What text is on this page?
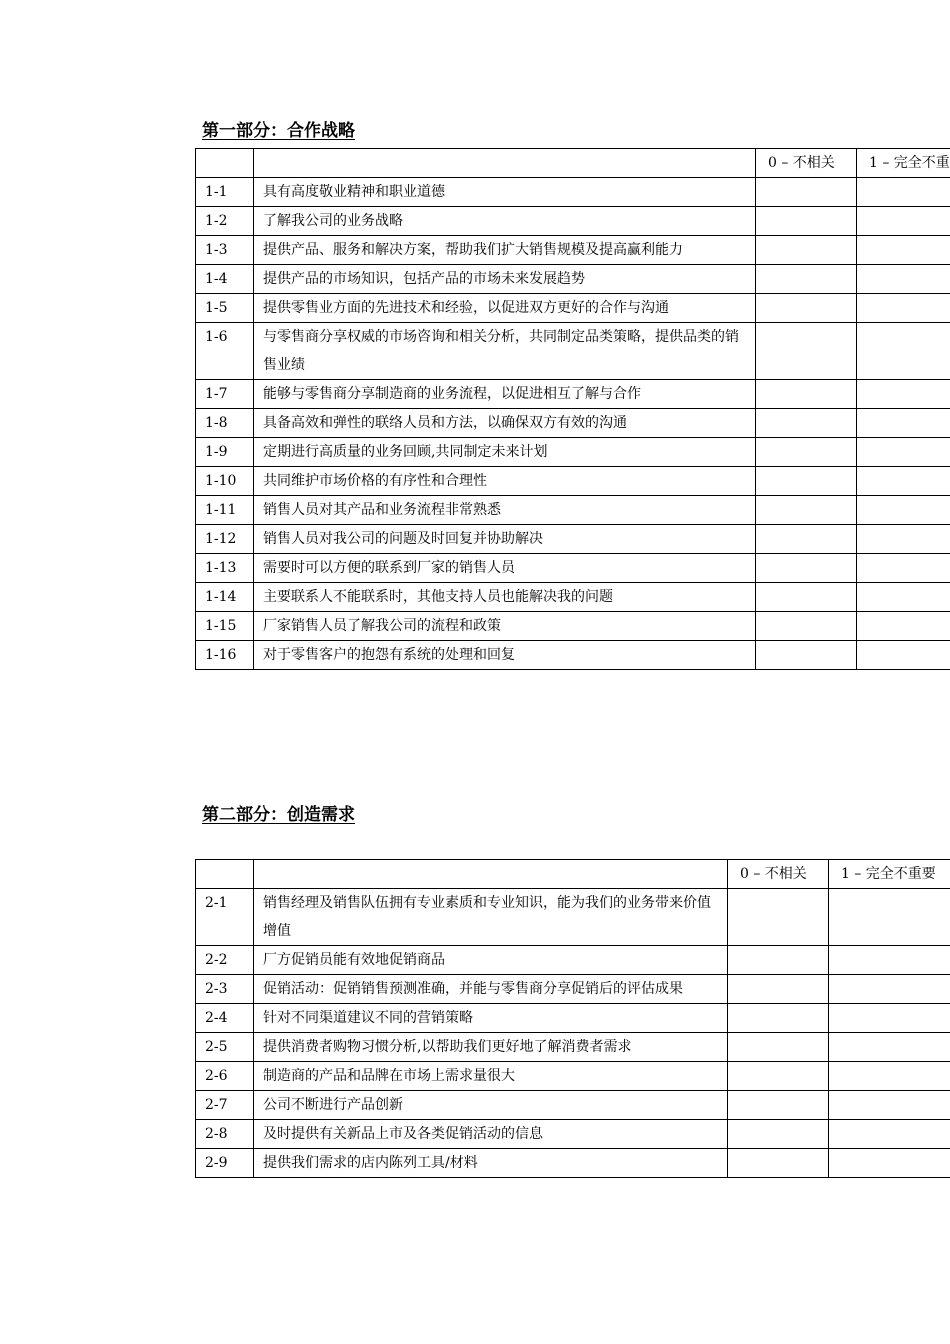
第一部分：合作战略
		0 – 不相关	1 – 完全不重
1-1	具有高度敬业精神和职业道德		
1-2	了解我公司的业务战略		
1-3	提供产品、服务和解决方案，帮助我们扩大销售规模及提高赢利能力		
1-4	提供产品的市场知识，包括产品的市场未来发展趋势		
1-5	提供零售业方面的先进技术和经验，以促进双方更好的合作与沟通		
1-6	与零售商分享权威的市场咨询和相关分析，共同制定品类策略，提供品类的销售业绩		
1-7	能够与零售商分享制造商的业务流程，以促进相互了解与合作		
1-8	具备高效和弹性的联络人员和方法，以确保双方有效的沟通		
1-9	定期进行高质量的业务回顾,共同制定未来计划		
1-10	共同维护市场价格的有序性和合理性		
1-11	销售人员对其产品和业务流程非常熟悉		
1-12	销售人员对我公司的问题及时回复并协助解决		
1-13	需要时可以方便的联系到厂家的销售人员		
1-14	主要联系人不能联系时，其他支持人员也能解决我的问题		
1-15	厂家销售人员了解我公司的流程和政策		
1-16	对于零售客户的抱怨有系统的处理和回复		
第二部分：创造需求
		0 – 不相关	1 – 完全不重要
2-1	销售经理及销售队伍拥有专业素质和专业知识，能为我们的业务带来价值增值		
2-2	厂方促销员能有效地促销商品		
2-3	促销活动：促销销售预测准确，并能与零售商分享促销后的评估成果		
2-4	针对不同渠道建议不同的营销策略		
2-5	提供消费者购物习惯分析,以帮助我们更好地了解消费者需求		
2-6	制造商的产品和品牌在市场上需求量很大		
2-7	公司不断进行产品创新		
2-8	及时提供有关新品上市及各类促销活动的信息		
2-9	提供我们需求的店内陈列工具/材料		
